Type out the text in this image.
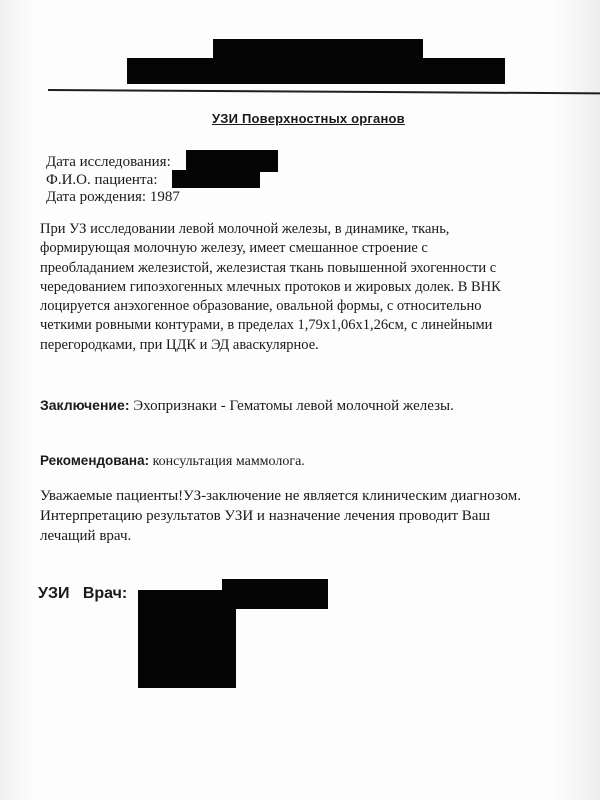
УЗИ Поверхностных органов
Дата исследования:
Ф.И.О. пациента:
Дата рождения: 1987
При УЗ исследовании левой молочной железы, в динамике, ткань,
формирующая молочную железу, имеет смешанное строение с
преобладанием железистой, железистая ткань повышенной эхогенности с
чередованием гипоэхогенных млечных протоков и жировых долек. В ВНК
лоцируется анэхогенное образование, овальной формы, с относительно
четкими ровными контурами, в пределах 1,79х1,06х1,26см, с линейными
перегородками, при ЦДК и ЭД аваскулярное.
Заключение: Эхопризнаки - Гематомы левой молочной железы.
Рекомендована: консультация маммолога.
Уважаемые пациенты!УЗ-заключение не является клиническим диагнозом.
Интерпретацию результатов УЗИ и назначение лечения проводит Ваш
лечащий врач.
УЗИ   Врач:
